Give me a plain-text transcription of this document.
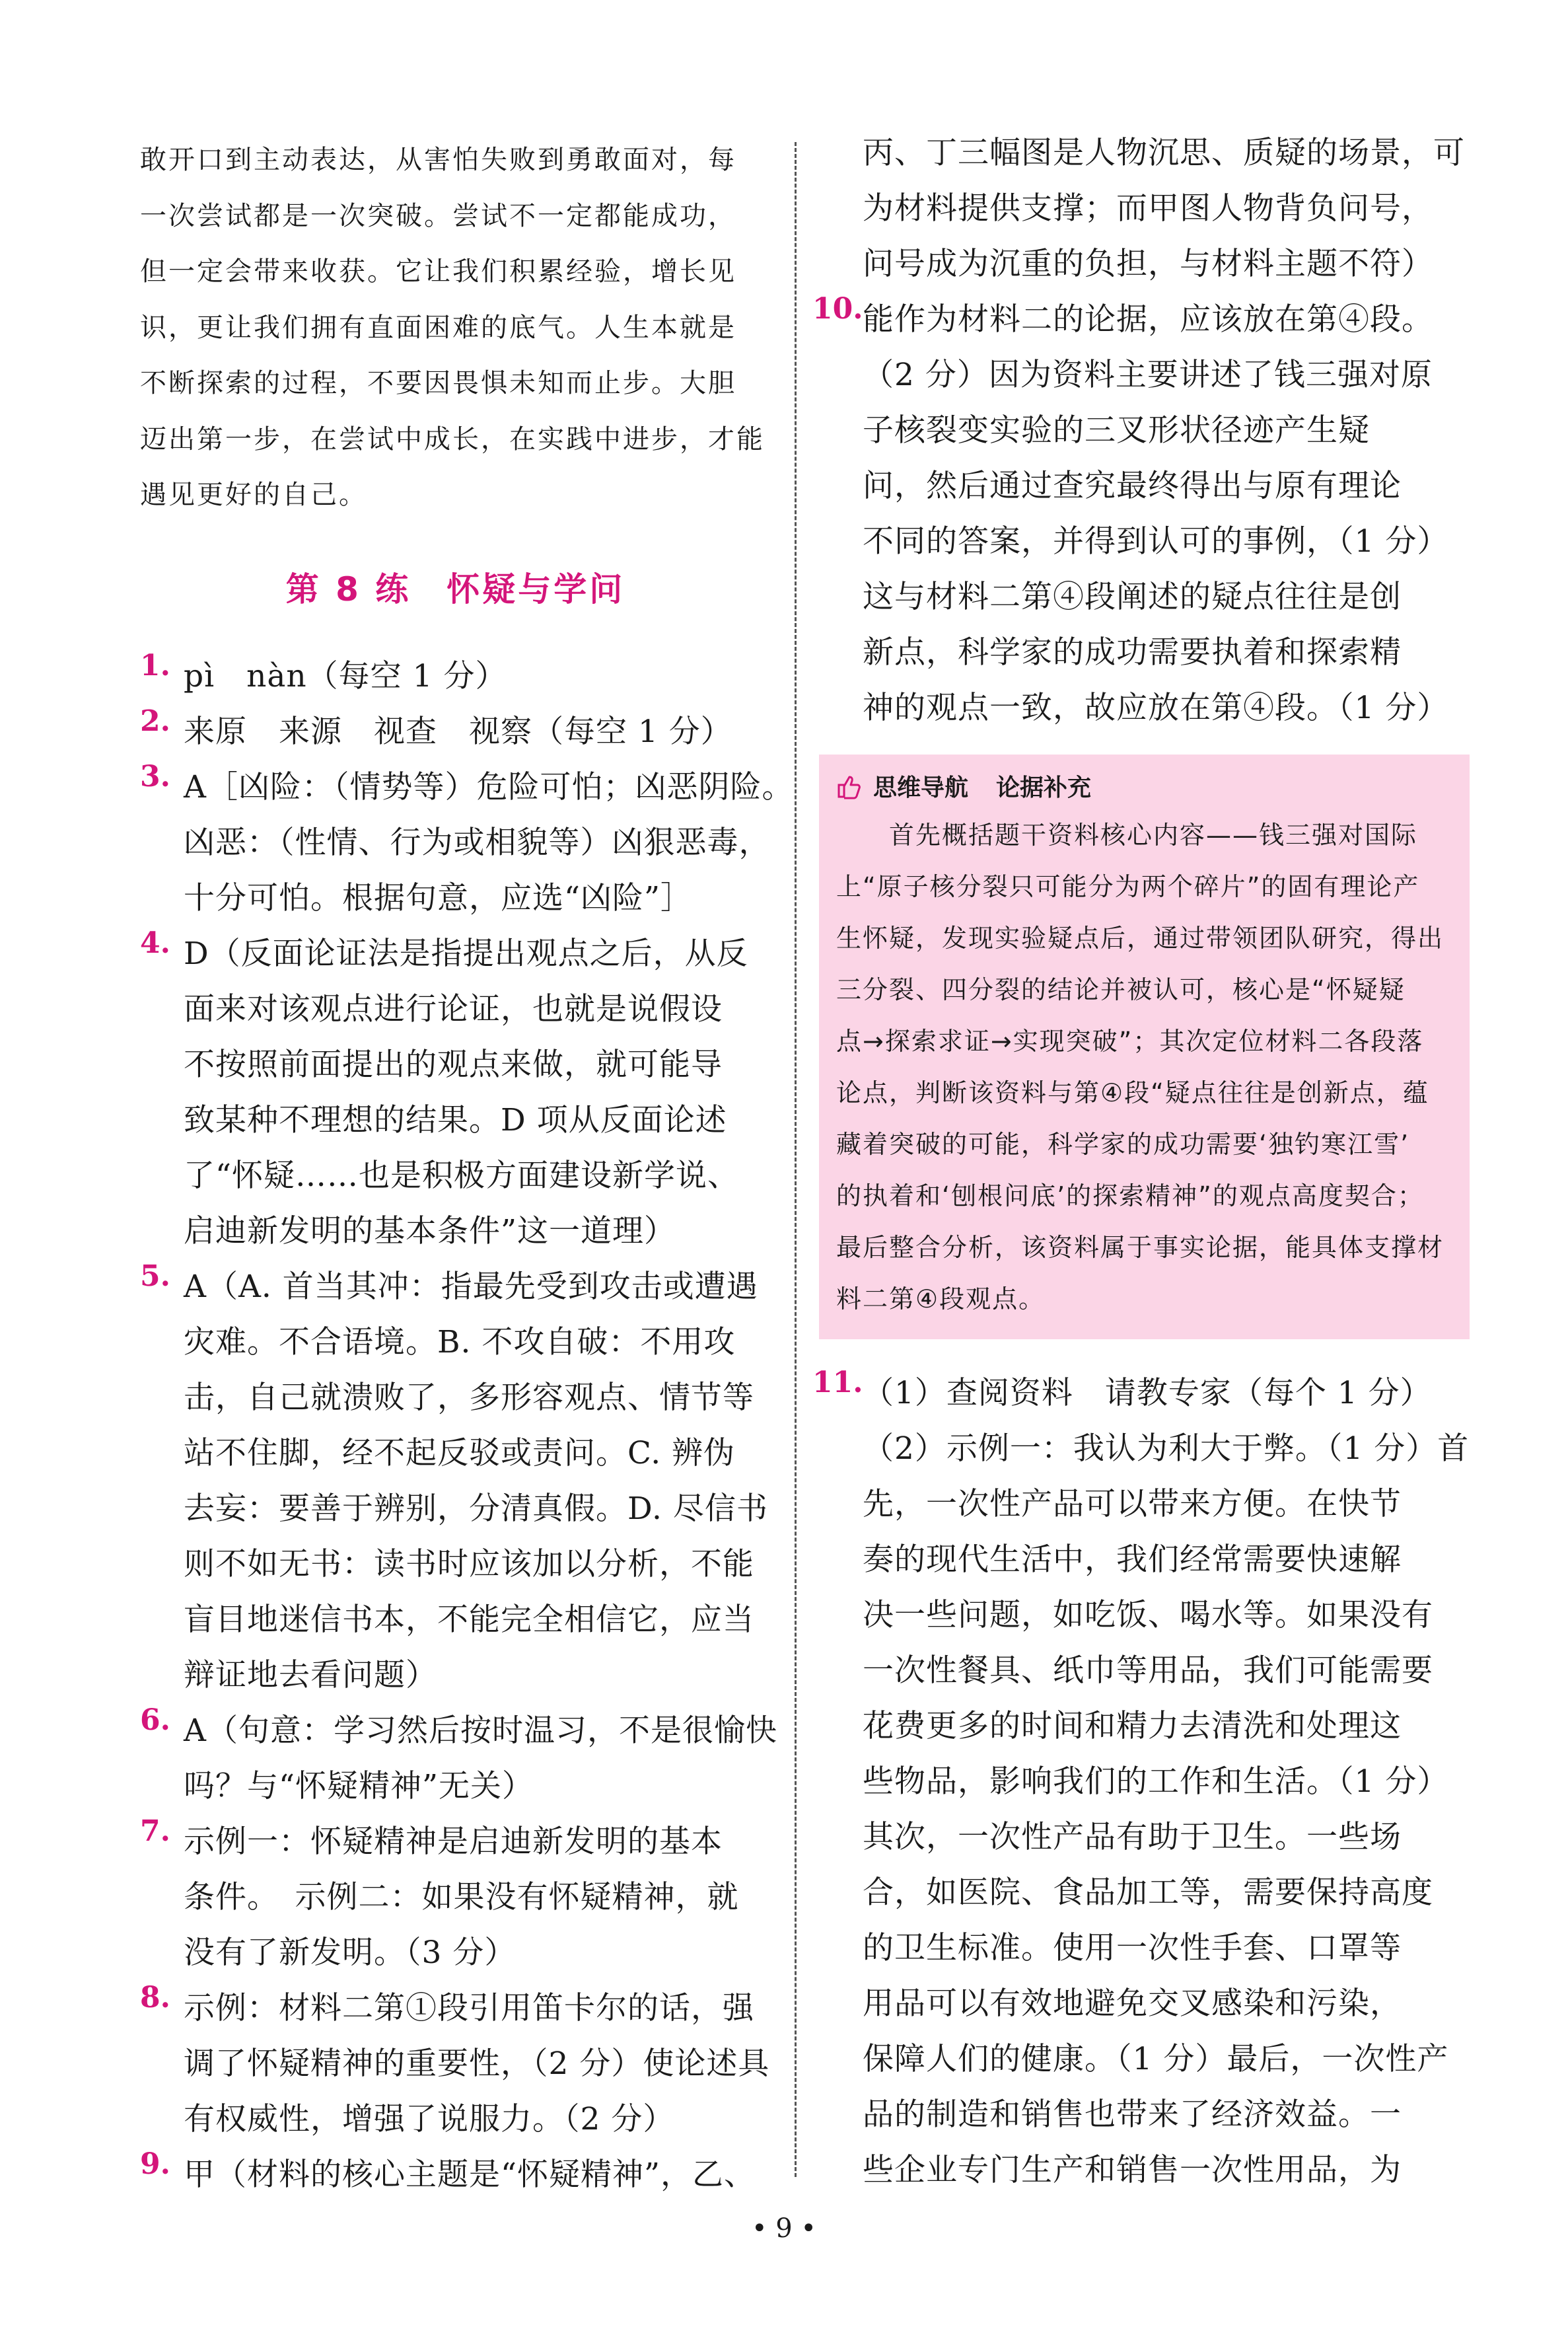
敢开口到主动表达，从害怕失败到勇敢面对，每
一次尝试都是一次突破。尝试不一定都能成功，
但一定会带来收获。它让我们积累经验，增长见
识，更让我们拥有直面困难的底气。人生本就是
不断探索的过程，不要因畏惧未知而止步。大胆
迈出第一步，在尝试中成长，在实践中进步，才能
遇见更好的自己。

第 8 练　怀疑与学问
1. pì　nàn（每空 1 分）
2. 来原　来源　视查　视察（每空 1 分）
3. A［凶险：（情势等）危险可怕；凶恶阴险。
凶恶：（性情、行为或相貌等）凶狠恶毒，
十分可怕。根据句意，应选“凶险”］
4. D（反面论证法是指提出观点之后，从反
面来对该观点进行论证，也就是说假设
不按照前面提出的观点来做，就可能导
致某种不理想的结果。D 项从反面论述
了“怀疑……也是积极方面建设新学说、
启迪新发明的基本条件”这一道理）
5. A（A. 首当其冲：指最先受到攻击或遭遇
灾难。不合语境。B. 不攻自破：不用攻
击，自己就溃败了，多形容观点、情节等
站不住脚，经不起反驳或责问。C. 辨伪
去妄：要善于辨别，分清真假。D. 尽信书
则不如无书：读书时应该加以分析，不能
盲目地迷信书本，不能完全相信它，应当
辩证地去看问题）
6. A（句意：学习然后按时温习，不是很愉快
吗？与“怀疑精神”无关）
7. 示例一：怀疑精神是启迪新发明的基本
条件。　示例二：如果没有怀疑精神，就
没有了新发明。（3 分）
8. 示例：材料二第①段引用笛卡尔的话，强
调了怀疑精神的重要性，（2 分）使论述具
有权威性，增强了说服力。（2 分）
9. 甲（材料的核心主题是“怀疑精神”，乙、
丙、丁三幅图是人物沉思、质疑的场景，可
为材料提供支撑；而甲图人物背负问号，
问号成为沉重的负担，与材料主题不符）
10. 能作为材料二的论据，应该放在第④段。
（2 分）因为资料主要讲述了钱三强对原
子核裂变实验的三叉形状径迹产生疑
问，然后通过查究最终得出与原有理论
不同的答案，并得到认可的事例，（1 分）
这与材料二第④段阐述的疑点往往是创
新点，科学家的成功需要执着和探索精
神的观点一致，故应放在第④段。（1 分）
思维导航 论据补充
　　首先概括题干资料核心内容——钱三强对国际
上“原子核分裂只可能分为两个碎片”的固有理论产
生怀疑，发现实验疑点后，通过带领团队研究，得出
三分裂、四分裂的结论并被认可，核心是“怀疑疑
点→探索求证→实现突破”；其次定位材料二各段落
论点，判断该资料与第④段“疑点往往是创新点，蕴
藏着突破的可能，科学家的成功需要‘独钓寒江雪’
的执着和‘刨根问底’的探索精神”的观点高度契合；
最后整合分析，该资料属于事实论据，能具体支撑材
料二第④段观点。
11. （1）查阅资料　请教专家（每个 1 分）
（2）示例一：我认为利大于弊。（1 分）首
先，一次性产品可以带来方便。在快节
奏的现代生活中，我们经常需要快速解
决一些问题，如吃饭、喝水等。如果没有
一次性餐具、纸巾等用品，我们可能需要
花费更多的时间和精力去清洗和处理这
些物品，影响我们的工作和生活。（1 分）
其次，一次性产品有助于卫生。一些场
合，如医院、食品加工等，需要保持高度
的卫生标准。使用一次性手套、口罩等
用品可以有效地避免交叉感染和污染，
保障人们的健康。（1 分）最后，一次性产
品的制造和销售也带来了经济效益。一
些企业专门生产和销售一次性用品，为
• 9 •
